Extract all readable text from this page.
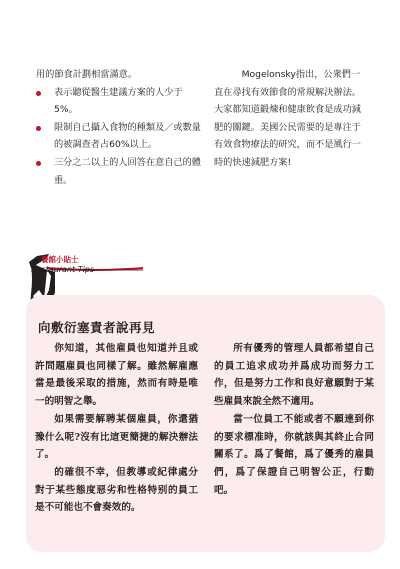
用的節食計劃相當滿意。

表示聽從醫生建議方案的人少于5%。

限制自己攝入食物的種類及／或數量的被調查者占60%以上。

三分之二以上的人回答在意自己的體重。

Mogelonsky指出，公衆們一直在尋找有效節食的常規解決辦法。大家都知道鍛煉和健康飲食是成功減肥的關鍵。美國公民需要的是專注于有效食物療法的研究，而不是風行一時的快速減肥方案!

餐館小貼士
Restaurant Tips
向敷衍塞責者說再見

你知道，其他雇員也知道并且或許問題雇員也同樣了解。雖然解雇應當是最後采取的措施，然而有時是唯一的明智之舉。

如果需要解聘某個雇員，你還猶豫什么呢?沒有比這更簡捷的解決辦法了。

的確很不幸，但教導或紀律處分對于某些態度惡劣和性格特别的員工是不可能也不會奏效的。

所有優秀的管理人員都希望自己的員工追求成功并爲成功而努力工作，但是努力工作和良好意願對于某些雇員來說全然不適用。

當一位員工不能或者不願達到你的要求標准時，你就該與其終止合同關系了。爲了餐館，爲了優秀的雇員們，爲了保證自己明智公正，行動吧。
